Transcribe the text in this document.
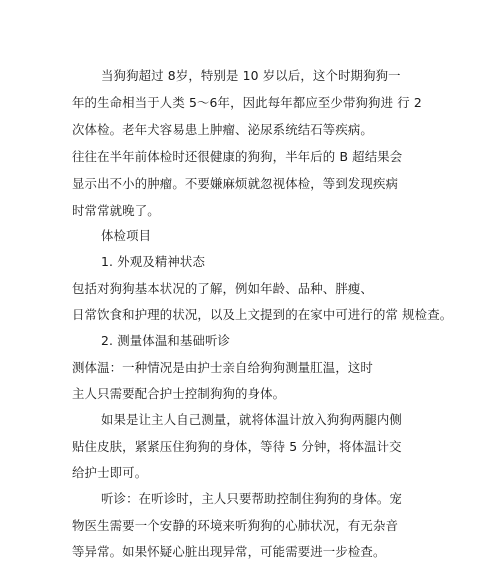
当狗狗超过 8岁，特别是 10 岁以后，这个时期狗狗一
年的生命相当于人类 5～6年，因此每年都应至少带狗狗进 行 2
次体检。老年犬容易患上肿瘤、泌尿系统结石等疾病。
往往在半年前体检时还很健康的狗狗，半年后的 B 超结果会
显示出不小的肿瘤。不要嫌麻烦就忽视体检，等到发现疾病
时常常就晚了。
体检项目
1. 外观及精神状态
包括对狗狗基本状况的了解，例如年龄、品种、胖瘦、
日常饮食和护理的状况，以及上文提到的在家中可进行的常 规检查。
2. 测量体温和基础听诊
测体温：一种情况是由护士亲自给狗狗测量肛温，这时
主人只需要配合护士控制狗狗的身体。
如果是让主人自己测量，就将体温计放入狗狗两腿内侧
贴住皮肤，紧紧压住狗狗的身体，等待 5 分钟，将体温计交
给护士即可。
听诊：在听诊时，主人只要帮助控制住狗狗的身体。宠
物医生需要一个安静的环境来听狗狗的心肺状况，有无杂音
等异常。如果怀疑心脏出现异常，可能需要进一步检查。
